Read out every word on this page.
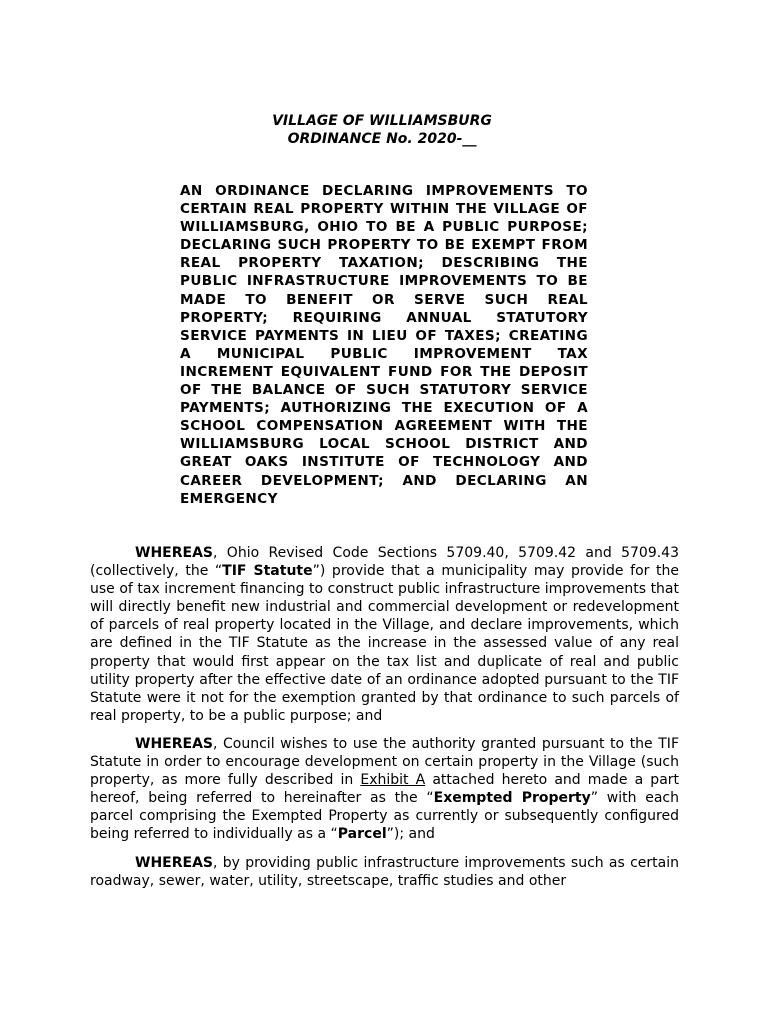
VILLAGE OF WILLIAMSBURG
ORDINANCE No. 2020-__
AN ORDINANCE DECLARING IMPROVEMENTS TO CERTAIN REAL PROPERTY WITHIN THE VILLAGE OF WILLIAMSBURG, OHIO TO BE A PUBLIC PURPOSE; DECLARING SUCH PROPERTY TO BE EXEMPT FROM REAL PROPERTY TAXATION; DESCRIBING THE PUBLIC INFRASTRUCTURE IMPROVEMENTS TO BE MADE TO BENEFIT OR SERVE SUCH REAL PROPERTY; REQUIRING ANNUAL STATUTORY SERVICE PAYMENTS IN LIEU OF TAXES; CREATING A MUNICIPAL PUBLIC IMPROVEMENT TAX INCREMENT EQUIVALENT FUND FOR THE DEPOSIT OF THE BALANCE OF SUCH STATUTORY SERVICE PAYMENTS; AUTHORIZING THE EXECUTION OF A SCHOOL COMPENSATION AGREEMENT WITH THE WILLIAMSBURG LOCAL SCHOOL DISTRICT AND GREAT OAKS INSTITUTE OF TECHNOLOGY AND CAREER DEVELOPMENT; AND DECLARING AN EMERGENCY

WHEREAS, Ohio Revised Code Sections 5709.40, 5709.42 and 5709.43 (collectively, the “TIF Statute”) provide that a municipality may provide for the use of tax increment financing to construct public infrastructure improvements that will directly benefit new industrial and commercial development or redevelopment of parcels of real property located in the Village, and declare improvements, which are defined in the TIF Statute as the increase in the assessed value of any real property that would first appear on the tax list and duplicate of real and public utility property after the effective date of an ordinance adopted pursuant to the TIF Statute were it not for the exemption granted by that ordinance to such parcels of real property, to be a public purpose; and

WHEREAS, Council wishes to use the authority granted pursuant to the TIF Statute in order to encourage development on certain property in the Village (such property, as more fully described in Exhibit A attached hereto and made a part hereof, being referred to hereinafter as the “Exempted Property” with each parcel comprising the Exempted Property as currently or subsequently configured being referred to individually as a “Parcel”); and

WHEREAS, by providing public infrastructure improvements such as certain roadway, sewer, water, utility, streetscape, traffic studies and other
